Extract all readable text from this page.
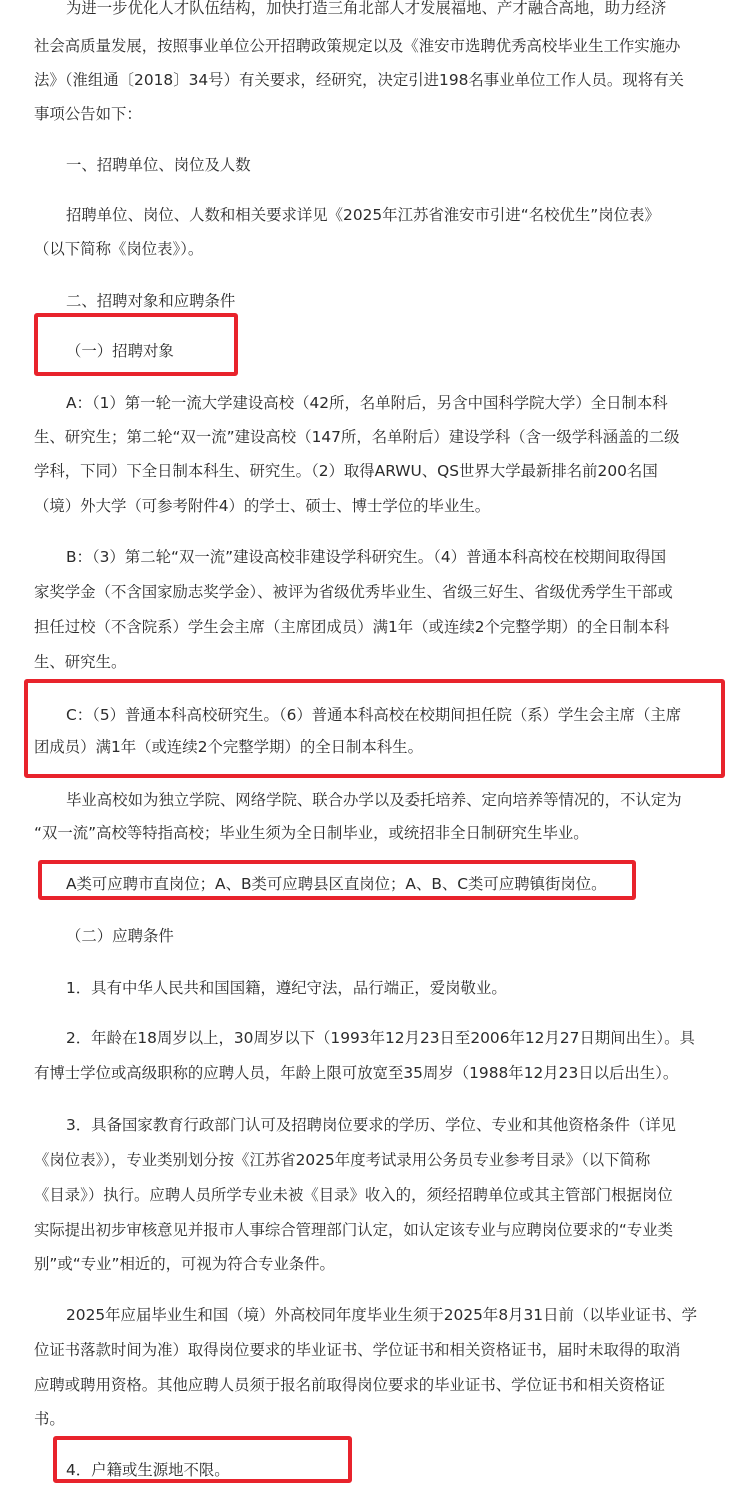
为进一步优化人才队伍结构，加快打造三角北部人才发展福地、产才融合高地，助力经济
社会高质量发展，按照事业单位公开招聘政策规定以及《淮安市选聘优秀高校毕业生工作实施办
法》（淮组通〔2018〕34号）有关要求，经研究，决定引进198名事业单位工作人员。现将有关
事项公告如下：
一、招聘单位、岗位及人数
招聘单位、岗位、人数和相关要求详见《2025年江苏省淮安市引进“名校优生”岗位表》
（以下简称《岗位表》）。
二、招聘对象和应聘条件
（一）招聘对象
A：（1）第一轮一流大学建设高校（42所，名单附后，另含中国科学院大学）全日制本科
生、研究生；第二轮“双一流”建设高校（147所，名单附后）建设学科（含一级学科涵盖的二级
学科，下同）下全日制本科生、研究生。（2）取得ARWU、QS世界大学最新排名前200名国
（境）外大学（可参考附件4）的学士、硕士、博士学位的毕业生。
B：（3）第二轮“双一流”建设高校非建设学科研究生。（4）普通本科高校在校期间取得国
家奖学金（不含国家励志奖学金）、被评为省级优秀毕业生、省级三好生、省级优秀学生干部或
担任过校（不含院系）学生会主席（主席团成员）满1年（或连续2个完整学期）的全日制本科
生、研究生。
C：（5）普通本科高校研究生。（6）普通本科高校在校期间担任院（系）学生会主席（主席
团成员）满1年（或连续2个完整学期）的全日制本科生。
毕业高校如为独立学院、网络学院、联合办学以及委托培养、定向培养等情况的，不认定为
“双一流”高校等特指高校；毕业生须为全日制毕业，或统招非全日制研究生毕业。
A类可应聘市直岗位；A、B类可应聘县区直岗位；A、B、C类可应聘镇街岗位。
（二）应聘条件
1．具有中华人民共和国国籍，遵纪守法，品行端正，爱岗敬业。
2．年龄在18周岁以上，30周岁以下（1993年12月23日至2006年12月27日期间出生）。具
有博士学位或高级职称的应聘人员，年龄上限可放宽至35周岁（1988年12月23日以后出生）。
3．具备国家教育行政部门认可及招聘岗位要求的学历、学位、专业和其他资格条件（详见
《岗位表》），专业类别划分按《江苏省2025年度考试录用公务员专业参考目录》（以下简称
《目录》）执行。应聘人员所学专业未被《目录》收入的，须经招聘单位或其主管部门根据岗位
实际提出初步审核意见并报市人事综合管理部门认定，如认定该专业与应聘岗位要求的“专业类
别”或“专业”相近的，可视为符合专业条件。
2025年应届毕业生和国（境）外高校同年度毕业生须于2025年8月31日前（以毕业证书、学
位证书落款时间为准）取得岗位要求的毕业证书、学位证书和相关资格证书，届时未取得的取消
应聘或聘用资格。其他应聘人员须于报名前取得岗位要求的毕业证书、学位证书和相关资格证
书。
4．户籍或生源地不限。
